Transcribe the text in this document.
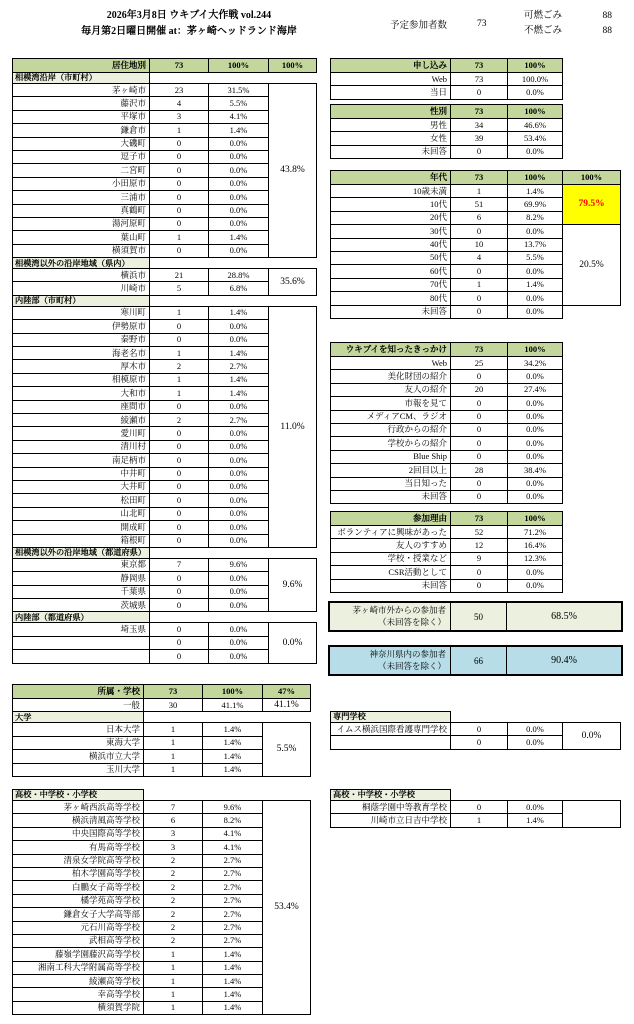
2026年3月8日 ウキブイ大作戦 vol.244
毎月第2日曜日開催 at：茅ヶ崎ヘッドランド海岸	予定参加者数	73
可燃ごみ	88
不燃ごみ	88
居住地別	73	100%	100%
相模湾沿岸（市町村）			
茅ヶ崎市	23	31.5%	43.8%
藤沢市	4	5.5%	
平塚市	3	4.1%	
鎌倉市	1	1.4%	
大磯町	0	0.0%	
逗子市	0	0.0%	
二宮町	0	0.0%	
小田原市	0	0.0%	
三浦市	0	0.0%	
真鶴町	0	0.0%	
湯河原町	0	0.0%	
葉山町	1	1.4%	
横須賀市	0	0.0%	
相模湾以外の沿岸地域（県内）			
横浜市	21	28.8%	35.6%
川崎市	5	6.8%	
内陸部（市町村）			
寒川町	1	1.4%	11.0%
伊勢原市	0	0.0%	
秦野市	0	0.0%	
海老名市	1	1.4%	
厚木市	2	2.7%	
相模原市	1	1.4%	
大和市	1	1.4%	
座間市	0	0.0%	
綾瀬市	2	2.7%	
愛川町	0	0.0%	
清川村	0	0.0%	
南足柄市	0	0.0%	
中井町	0	0.0%	
大井町	0	0.0%	
松田町	0	0.0%	
山北町	0	0.0%	
開成町	0	0.0%	
箱根町	0	0.0%	
相模湾以外の沿岸地域（都道府県）			
東京都	7	9.6%	9.6%
静岡県	0	0.0%	
千葉県	0	0.0%	
茨城県	0	0.0%	
内陸部（都道府県）			
埼玉県	0	0.0%	0.0%
	0	0.0%	
	0	0.0%	
所属・学校	73	100%	47%
一般	30	41.1%	41.1%
大学			
日本大学	1	1.4%	5.5%
東海大学	1	1.4%	
横浜市立大学	1	1.4%	
玉川大学	1	1.4%	
高校・中学校・小学校			
茅ヶ崎西浜高等学校	7	9.6%	53.4%
横浜清風高等学校	6	8.2%	
中央国際高等学校	3	4.1%	
有馬高等学校	3	4.1%	
清泉女学院高等学校	2	2.7%	
柏木学園高等学校	2	2.7%	
白鵬女子高等学校	2	2.7%	
橘学苑高等学校	2	2.7%	
鎌倉女子大学高等部	2	2.7%	
元石川高等学校	2	2.7%	
武相高等学校	2	2.7%	
藤嶺学園藤沢高等学校	1	1.4%	
湘南工科大学附属高等学校	1	1.4%	
綾瀬高等学校	1	1.4%	
幸高等学校	1	1.4%	
横須賀学院	1	1.4%	
申し込み	73	100%
Web	73	100.0%
当日	0	0.0%
性別	73	100%
男性	34	46.6%
女性	39	53.4%
未回答	0	0.0%
年代	73	100%	100%
10歳未満	1	1.4%	79.5%
10代	51	69.9%	
20代	6	8.2%	
30代	0	0.0%	20.5%
40代	10	13.7%	
50代	4	5.5%	
60代	0	0.0%	
70代	1	1.4%	
80代	0	0.0%	
未回答	0	0.0%	
ウキブイを知ったきっかけ	73	100%
Web	25	34.2%
美化財団の紹介	0	0.0%
友人の紹介	20	27.4%
市報を見て	0	0.0%
メディアCM、ラジオ	0	0.0%
行政からの紹介	0	0.0%
学校からの紹介	0	0.0%
Blue Ship	0	0.0%
2回目以上	28	38.4%
当日知った	0	0.0%
未回答	0	0.0%
参加理由	73	100%
ボランティアに興味があった	52	71.2%
友人のすすめ	12	16.4%
学校・授業など	9	12.3%
CSR活動として	0	0.0%
未回答	0	0.0%
茅ヶ崎市外からの参加者
（未回答を除く）	50	68.5%
神奈川県内の参加者
（未回答を除く）	66	90.4%
専門学校			
イムス横浜国際看護専門学校	0	0.0%	0.0%
	0	0.0%	
高校・中学校・小学校			
桐蔭学園中等教育学校	0	0.0%	
川崎市立日吉中学校	1	1.4%	
